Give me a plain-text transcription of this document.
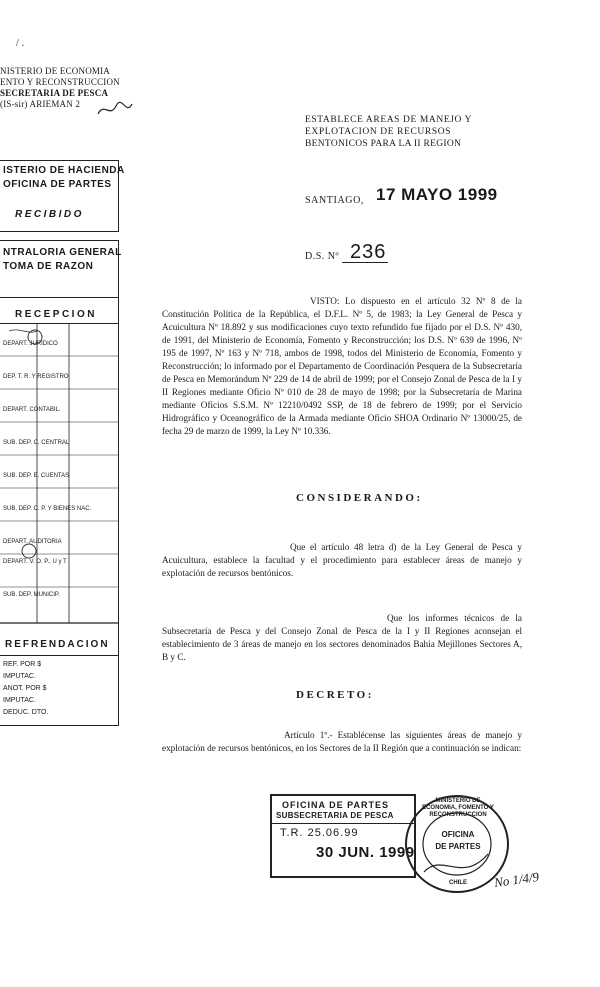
/ .
NISTERIO DE ECONOMIA
ENTO Y RECONSTRUCCION
SECRETARIA DE PESCA
(IS-sir) ARIEMAN 2
ESTABLECE AREAS DE MANEJO Y
EXPLOTACION DE RECURSOS
BENTONICOS PARA LA II REGION
SANTIAGO, 17 MAYO 1999
D.S. Nº 236
ISTERIO DE HACIENDA
OFICINA DE PARTES
RECIBIDO
NTRALORIA GENERAL
TOMA DE RAZON
RECEPCION
DEPART. JURIDICO
DEP. T. R. Y REGISTRO
DEPART. CONTABIL.
SUB. DEP. C. CENTRAL
SUB. DEP. E. CUENTAS
SUB. DEP. C. P. Y BIENES NAC.
DEPART. AUDITORIA
DEPART. V. O. P., U y T
SUB. DEP. MUNICIP.
REFRENDACION
REF. POR $
IMPUTAC.
ANOT. POR $
IMPUTAC.
DEDUC. DTO.
VISTO: Lo dispuesto en el artículo 32 Nº 8 de la Constitución Política de la República, el D.F.L. Nº 5, de 1983; la Ley General de Pesca y Acuicultura Nº 18.892 y sus modificaciones cuyo texto refundido fue fijado por el D.S. Nº 430, de 1991, del Ministerio de Economía, Fomento y Reconstrucción; los D.S. Nº 639 de 1996, Nº 195 de 1997, Nº 163 y Nº 718, ambos de 1998, todos del Ministerio de Economía, Fomento y Reconstrucción; lo informado por el Departamento de Coordinación Pesquera de la Subsecretaría de Pesca en Memorándum Nº 229 de 14 de abril de 1999; por el Consejo Zonal de Pesca de la I y II Regiones mediante Oficio Nº 010 de 28 de mayo de 1998; por la Subsecretaría de Marina mediante Oficios S.S.M. Nº 12210/0492 SSP, de 18 de febrero de 1999; por el Servicio Hidrográfico y Oceanográfico de la Armada mediante Oficio SHOA Ordinario Nº 13000/25, de fecha 29 de marzo de 1999, la Ley Nº 10.336.
CONSIDERANDO:
Que el artículo 48 letra d) de la Ley General de Pesca y Acuicultura, establece la facultad y el procedimiento para establecer áreas de manejo y explotación de recursos bentónicos.
Que los informes técnicos de la Subsecretaría de Pesca y del Consejo Zonal de Pesca de la I y II Regiones aconsejan el establecimiento de 3 áreas de manejo en los sectores denominados Bahía Mejillones Sectores A, B y C.
DECRETO:
Artículo 1º.- Establécense las siguientes áreas de manejo y explotación de recursos bentónicos, en los Sectores de la II Región que a continuación se indican:
OFICINA DE PARTES
SUBSECRETARIA DE PESCA
T.R. 25.06.99
30 JUN. 1999
MINISTERIO DE ECONOMIA, FOMENTO Y RECONSTRUCCION
OFICINA
DE PARTES
CHILE	No 1/4/9
